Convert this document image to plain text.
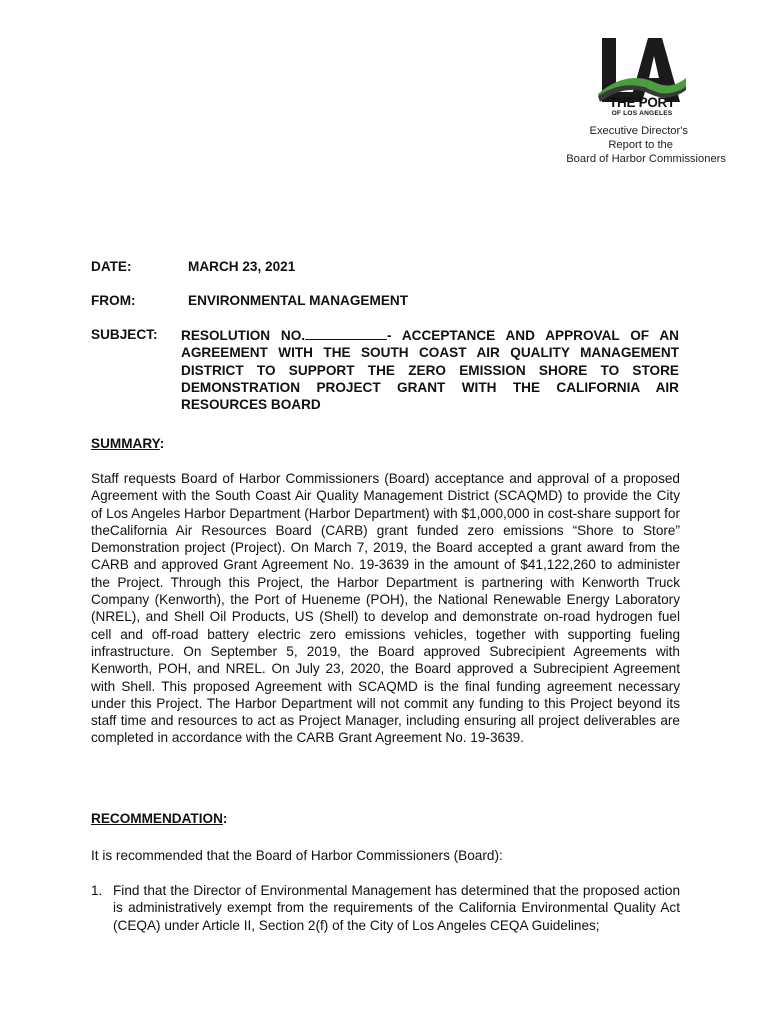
THE PORT
OF LOS ANGELES
Executive Director's
Report to the
Board of Harbor Commissioners
DATE:	MARCH 23, 2021
FROM:	ENVIRONMENTAL MANAGEMENT
SUBJECT: RESOLUTION NO.	- ACCEPTANCE AND APPROVAL OF AN AGREEMENT WITH THE SOUTH COAST AIR QUALITY MANAGEMENT DISTRICT TO SUPPORT THE ZERO EMISSION SHORE TO STORE DEMONSTRATION PROJECT GRANT WITH THE CALIFORNIA AIR RESOURCES BOARD
SUMMARY:

Staff requests Board of Harbor Commissioners (Board) acceptance and approval of a proposed Agreement with the South Coast Air Quality Management District (SCAQMD) to provide the City of Los Angeles Harbor Department (Harbor Department) with $1,000,000 in cost-share support for theCalifornia Air Resources Board (CARB) grant funded zero emissions “Shore to Store” Demonstration project (Project). On March 7, 2019, the Board accepted a grant award from the CARB and approved Grant Agreement No. 19-3639 in the amount of $41,122,260 to administer the Project. Through this Project, the Harbor Department is partnering with Kenworth Truck Company (Kenworth), the Port of Hueneme (POH), the National Renewable Energy Laboratory (NREL), and Shell Oil Products, US (Shell) to develop and demonstrate on-road hydrogen fuel cell and off-road battery electric zero emissions vehicles, together with supporting fueling infrastructure. On September 5, 2019, the Board approved Subrecipient Agreements with Kenworth, POH, and NREL. On July 23, 2020, the Board approved a Subrecipient Agreement with Shell. This proposed Agreement with SCAQMD is the final funding agreement necessary under this Project. The Harbor Department will not commit any funding to this Project beyond its staff time and resources to act as Project Manager, including ensuring all project deliverables are completed in accordance with the CARB Grant Agreement No. 19-3639.

RECOMMENDATION:

It is recommended that the Board of Harbor Commissioners (Board):

1. Find that the Director of Environmental Management has determined that the proposed action is administratively exempt from the requirements of the California Environmental Quality Act (CEQA) under Article II, Section 2(f) of the City of Los Angeles CEQA Guidelines;
